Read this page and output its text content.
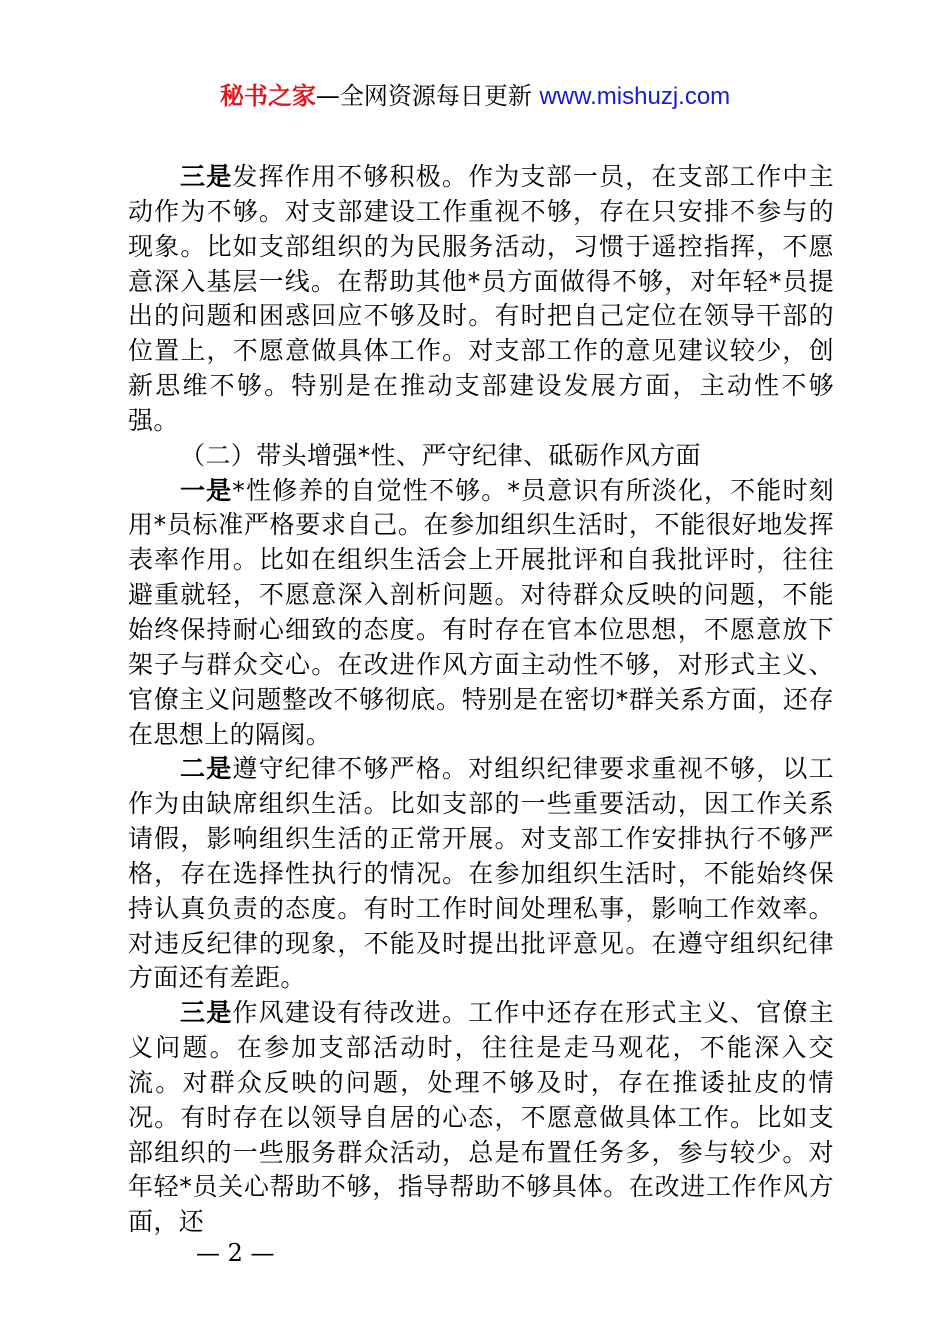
秘书之家—全网资源每日更新 www.mishuzj.com

三是发挥作用不够积极。作为支部一员，在支部工作中主动作为不够。对支部建设工作重视不够，存在只安排不参与的现象。比如支部组织的为民服务活动，习惯于遥控指挥，不愿意深入基层一线。在帮助其他*员方面做得不够，对年轻*员提出的问题和困惑回应不够及时。有时把自己定位在领导干部的位置上，不愿意做具体工作。对支部工作的意见建议较少，创新思维不够。特别是在推动支部建设发展方面，主动性不够强。

（二）带头增强*性、严守纪律、砥砺作风方面

一是*性修养的自觉性不够。*员意识有所淡化，不能时刻用*员标准严格要求自己。在参加组织生活时，不能很好地发挥表率作用。比如在组织生活会上开展批评和自我批评时，往往避重就轻，不愿意深入剖析问题。对待群众反映的问题，不能始终保持耐心细致的态度。有时存在官本位思想，不愿意放下架子与群众交心。在改进作风方面主动性不够，对形式主义、官僚主义问题整改不够彻底。特别是在密切*群关系方面，还存在思想上的隔阂。

二是遵守纪律不够严格。对组织纪律要求重视不够，以工作为由缺席组织生活。比如支部的一些重要活动，因工作关系请假，影响组织生活的正常开展。对支部工作安排执行不够严格，存在选择性执行的情况。在参加组织生活时，不能始终保持认真负责的态度。有时工作时间处理私事，影响工作效率。对违反纪律的现象，不能及时提出批评意见。在遵守组织纪律方面还有差距。

三是作风建设有待改进。工作中还存在形式主义、官僚主义问题。在参加支部活动时，往往是走马观花，不能深入交流。对群众反映的问题，处理不够及时，存在推诿扯皮的情况。有时存在以领导自居的心态，不愿意做具体工作。比如支部组织的一些服务群众活动，总是布置任务多，参与较少。对年轻*员关心帮助不够，指导帮助不够具体。在改进工作作风方面，还

— 2 —
